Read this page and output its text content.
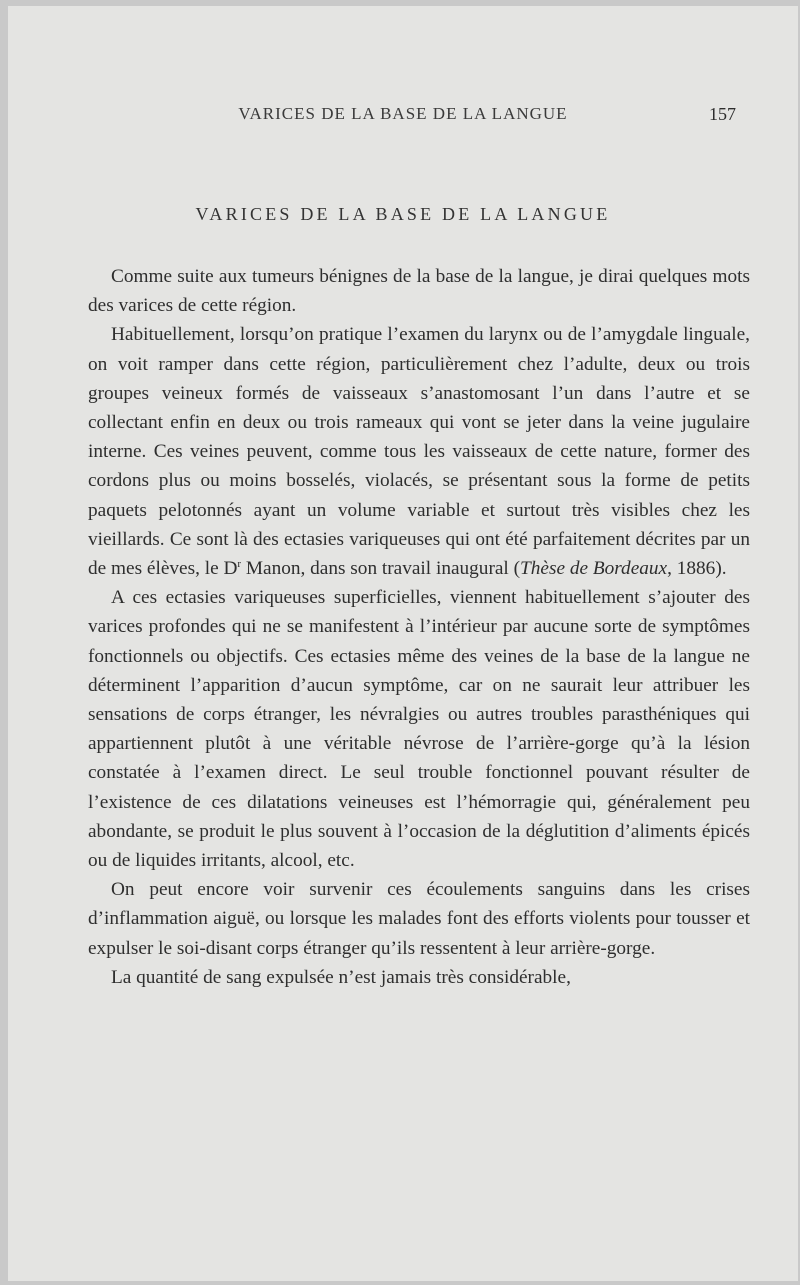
VARICES DE LA BASE DE LA LANGUE	157
VARICES DE LA BASE DE LA LANGUE

Comme suite aux tumeurs bénignes de la base de la langue, je dirai quelques mots des varices de cette région.

Habituellement, lorsqu’on pratique l’examen du larynx ou de l’amygdale linguale, on voit ramper dans cette région, particulièrement chez l’adulte, deux ou trois groupes veineux formés de vaisseaux s’anastomosant l’un dans l’autre et se collectant enfin en deux ou trois rameaux qui vont se jeter dans la veine jugulaire interne. Ces veines peuvent, comme tous les vaisseaux de cette nature, former des cordons plus ou moins bosselés, violacés, se présentant sous la forme de petits paquets pelotonnés ayant un volume variable et surtout très visibles chez les vieillards. Ce sont là des ectasies variqueuses qui ont été parfaitement décrites par un de mes élèves, le $D^r$ Manon, dans son travail inaugural (Thèse de Bordeaux, 1886).

A ces ectasies variqueuses superficielles, viennent habituellement s’ajouter des varices profondes qui ne se manifestent à l’intérieur par aucune sorte de symptômes fonctionnels ou objectifs. Ces ectasies même des veines de la base de la langue ne déterminent l’apparition d’aucun symptôme, car on ne saurait leur attribuer les sensations de corps étranger, les névralgies ou autres troubles parasthéniques qui appartiennent plutôt à une véritable névrose de l’arrière-gorge qu’à la lésion constatée à l’examen direct. Le seul trouble fonctionnel pouvant résulter de l’existence de ces dilatations veineuses est l’hémorragie qui, généralement peu abondante, se produit le plus souvent à l’occasion de la déglutition d’aliments épicés ou de liquides irritants, alcool, etc.

On peut encore voir survenir ces écoulements sanguins dans les crises d’inflammation aiguë, ou lorsque les malades font des efforts violents pour tousser et expulser le soi-disant corps étranger qu’ils ressentent à leur arrière-gorge.

La quantité de sang expulsée n’est jamais très considérable,
